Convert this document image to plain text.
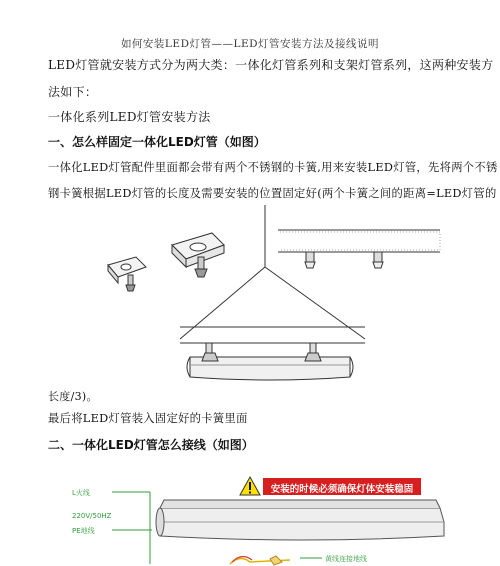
如何安装LED灯管——LED灯管安装方法及接线说明
LED灯管就安装方式分为两大类：一体化灯管系列和支架灯管系列，这两种安装方
法如下：
一体化系列LED灯管安装方法
一、怎么样固定一体化LED灯管（如图）
一体化LED灯管配件里面都会带有两个不锈钢的卡簧,用来安装LED灯管，先将两个不锈
钢卡簧根据LED灯管的长度及需要安装的位置固定好(两个卡簧之间的距离=LED灯管的
长度/3)。
最后将LED灯管装入固定好的卡簧里面
二、一体化LED灯管怎么接线（如图）
安装的时候必须确保灯体安装稳固
L火线
220V/50HZ
PE地线
黄线连接地线
